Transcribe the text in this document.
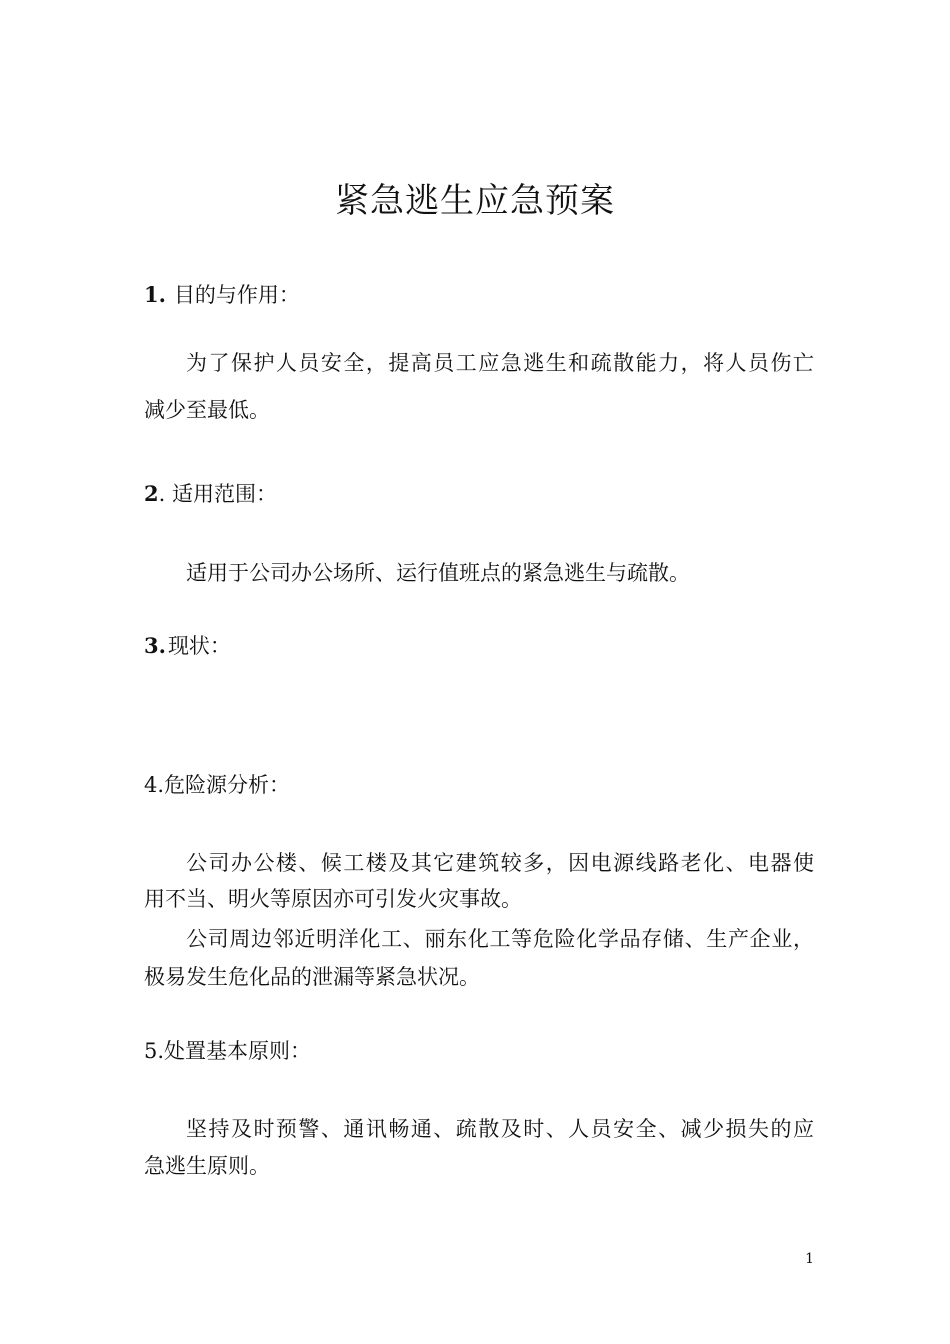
紧急逃生应急预案

1. 目的与作用：

为了保护人员安全，提高员工应急逃生和疏散能力，将人员伤亡

减少至最低。

2. 适用范围：

适用于公司办公场所、运行值班点的紧急逃生与疏散。

3.现状：

4.危险源分析：

公司办公楼、候工楼及其它建筑较多，因电源线路老化、电器使

用不当、明火等原因亦可引发火灾事故。

公司周边邻近明洋化工、丽东化工等危险化学品存储、生产企业，

极易发生危化品的泄漏等紧急状况。

5.处置基本原则：

坚持及时预警、通讯畅通、疏散及时、人员安全、减少损失的应

急逃生原则。

1
